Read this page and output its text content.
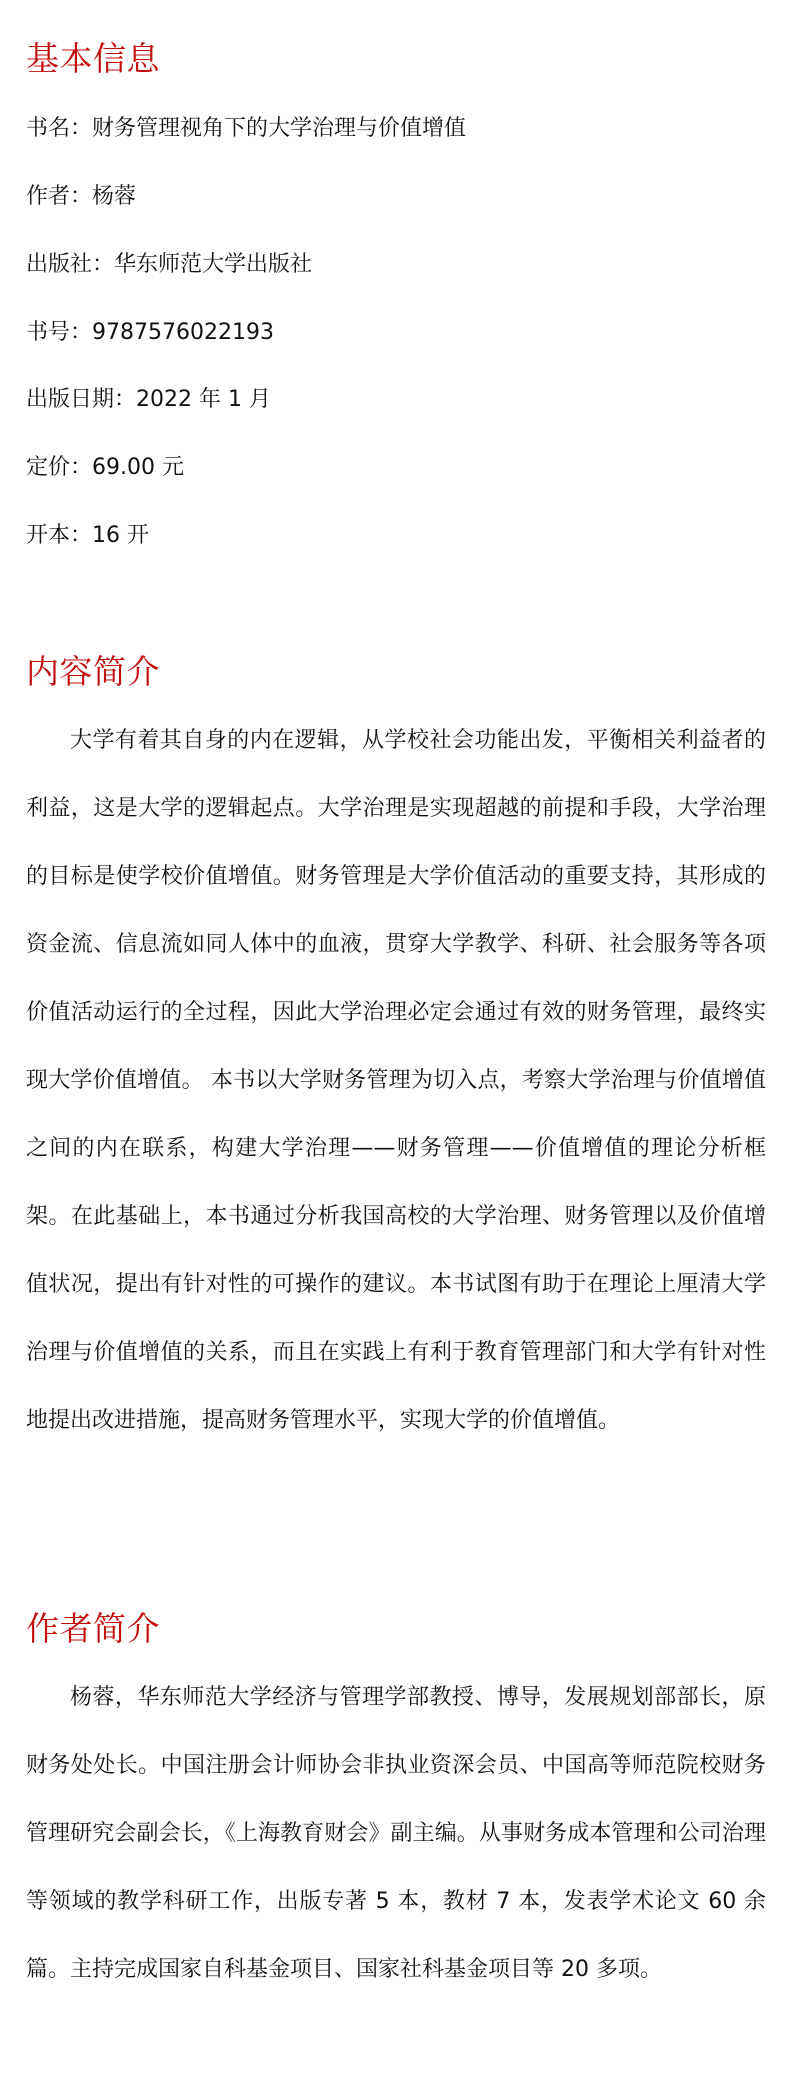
基本信息

书名：财务管理视角下的大学治理与价值增值

作者：杨蓉

出版社：华东师范大学出版社

书号：9787576022193

出版日期：2022 年 1 月

定价：69.00 元

开本：16 开

内容简介

大学有着其自身的内在逻辑，从学校社会功能出发，平衡相关利益者的利益，这是大学的逻辑起点。大学治理是实现超越的前提和手段，大学治理的目标是使学校价值增值。财务管理是大学价值活动的重要支持，其形成的资金流、信息流如同人体中的血液，贯穿大学教学、科研、社会服务等各项价值活动运行的全过程，因此大学治理必定会通过有效的财务管理，最终实现大学价值增值。 本书以大学财务管理为切入点，考察大学治理与价值增值之间的内在联系，构建大学治理——财务管理——价值增值的理论分析框架。在此基础上，本书通过分析我国高校的大学治理、财务管理以及价值增值状况，提出有针对性的可操作的建议。本书试图有助于在理论上厘清大学治理与价值增值的关系，而且在实践上有利于教育管理部门和大学有针对性地提出改进措施，提高财务管理水平，实现大学的价值增值。

作者简介

杨蓉，华东师范大学经济与管理学部教授、博导，发展规划部部长，原财务处处长。中国注册会计师协会非执业资深会员、中国高等师范院校财务管理研究会副会长，《上海教育财会》副主编。从事财务成本管理和公司治理等领域的教学科研工作，出版专著 5 本，教材 7 本，发表学术论文 60 余篇。主持完成国家自科基金项目、国家社科基金项目等 20 多项。
